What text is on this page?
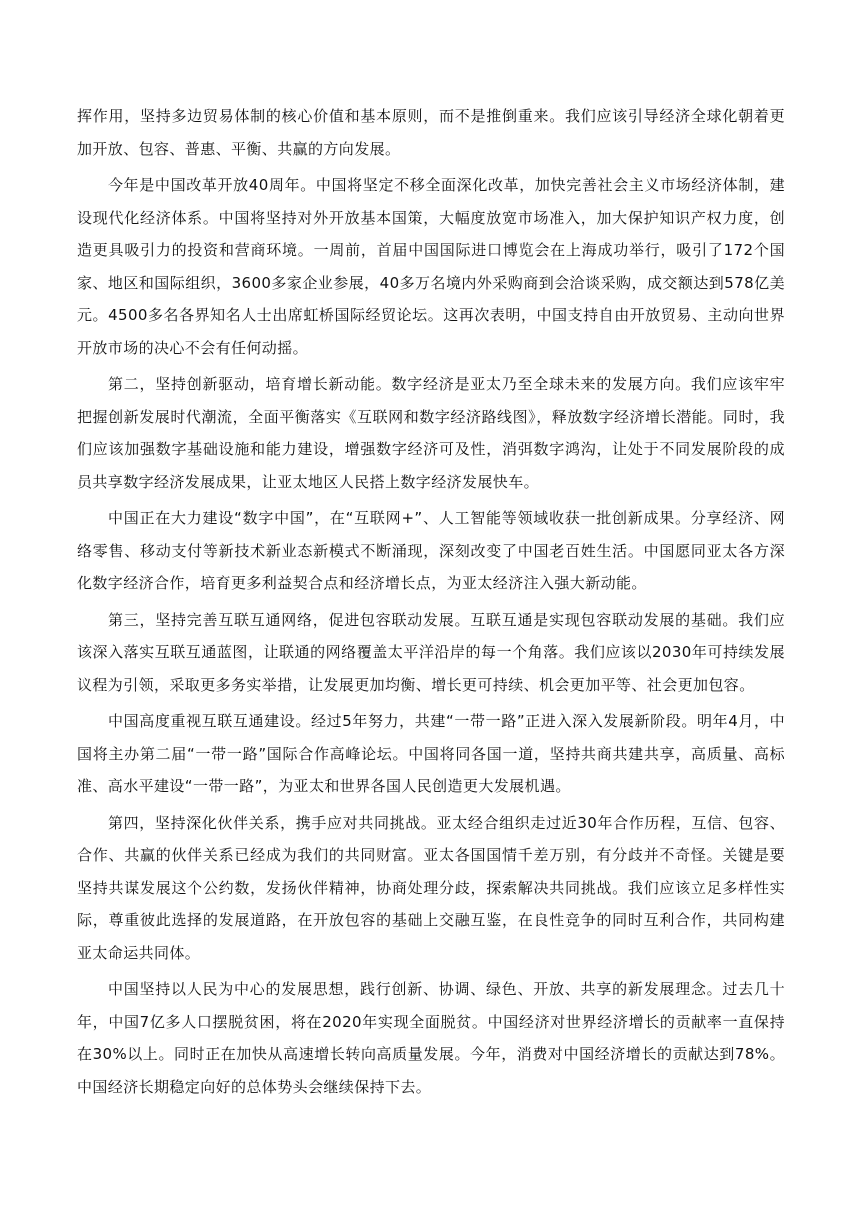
挥作用，坚持多边贸易体制的核心价值和基本原则，而不是推倒重来。我们应该引导经济全球化朝着更加开放、包容、普惠、平衡、共赢的方向发展。

今年是中国改革开放40周年。中国将坚定不移全面深化改革，加快完善社会主义市场经济体制，建设现代化经济体系。中国将坚持对外开放基本国策，大幅度放宽市场准入，加大保护知识产权力度，创造更具吸引力的投资和营商环境。一周前，首届中国国际进口博览会在上海成功举行，吸引了172个国家、地区和国际组织，3600多家企业参展，40多万名境内外采购商到会洽谈采购，成交额达到578亿美元。4500多名各界知名人士出席虹桥国际经贸论坛。这再次表明，中国支持自由开放贸易、主动向世界开放市场的决心不会有任何动摇。

第二，坚持创新驱动，培育增长新动能。数字经济是亚太乃至全球未来的发展方向。我们应该牢牢把握创新发展时代潮流，全面平衡落实《互联网和数字经济路线图》，释放数字经济增长潜能。同时，我们应该加强数字基础设施和能力建设，增强数字经济可及性，消弭数字鸿沟，让处于不同发展阶段的成员共享数字经济发展成果，让亚太地区人民搭上数字经济发展快车。

中国正在大力建设“数字中国”，在“互联网+”、人工智能等领域收获一批创新成果。分享经济、网络零售、移动支付等新技术新业态新模式不断涌现，深刻改变了中国老百姓生活。中国愿同亚太各方深化数字经济合作，培育更多利益契合点和经济增长点，为亚太经济注入强大新动能。

第三，坚持完善互联互通网络，促进包容联动发展。互联互通是实现包容联动发展的基础。我们应该深入落实互联互通蓝图，让联通的网络覆盖太平洋沿岸的每一个角落。我们应该以2030年可持续发展议程为引领，采取更多务实举措，让发展更加均衡、增长更可持续、机会更加平等、社会更加包容。

中国高度重视互联互通建设。经过5年努力，共建“一带一路”正进入深入发展新阶段。明年4月，中国将主办第二届“一带一路”国际合作高峰论坛。中国将同各国一道，坚持共商共建共享，高质量、高标准、高水平建设“一带一路”，为亚太和世界各国人民创造更大发展机遇。

第四，坚持深化伙伴关系，携手应对共同挑战。亚太经合组织走过近30年合作历程，互信、包容、合作、共赢的伙伴关系已经成为我们的共同财富。亚太各国国情千差万别，有分歧并不奇怪。关键是要坚持共谋发展这个公约数，发扬伙伴精神，协商处理分歧，探索解决共同挑战。我们应该立足多样性实际，尊重彼此选择的发展道路，在开放包容的基础上交融互鉴，在良性竞争的同时互利合作，共同构建亚太命运共同体。

中国坚持以人民为中心的发展思想，践行创新、协调、绿色、开放、共享的新发展理念。过去几十年，中国7亿多人口摆脱贫困，将在2020年实现全面脱贫。中国经济对世界经济增长的贡献率一直保持在30%以上。同时正在加快从高速增长转向高质量发展。今年，消费对中国经济增长的贡献达到78%。中国经济长期稳定向好的总体势头会继续保持下去。
